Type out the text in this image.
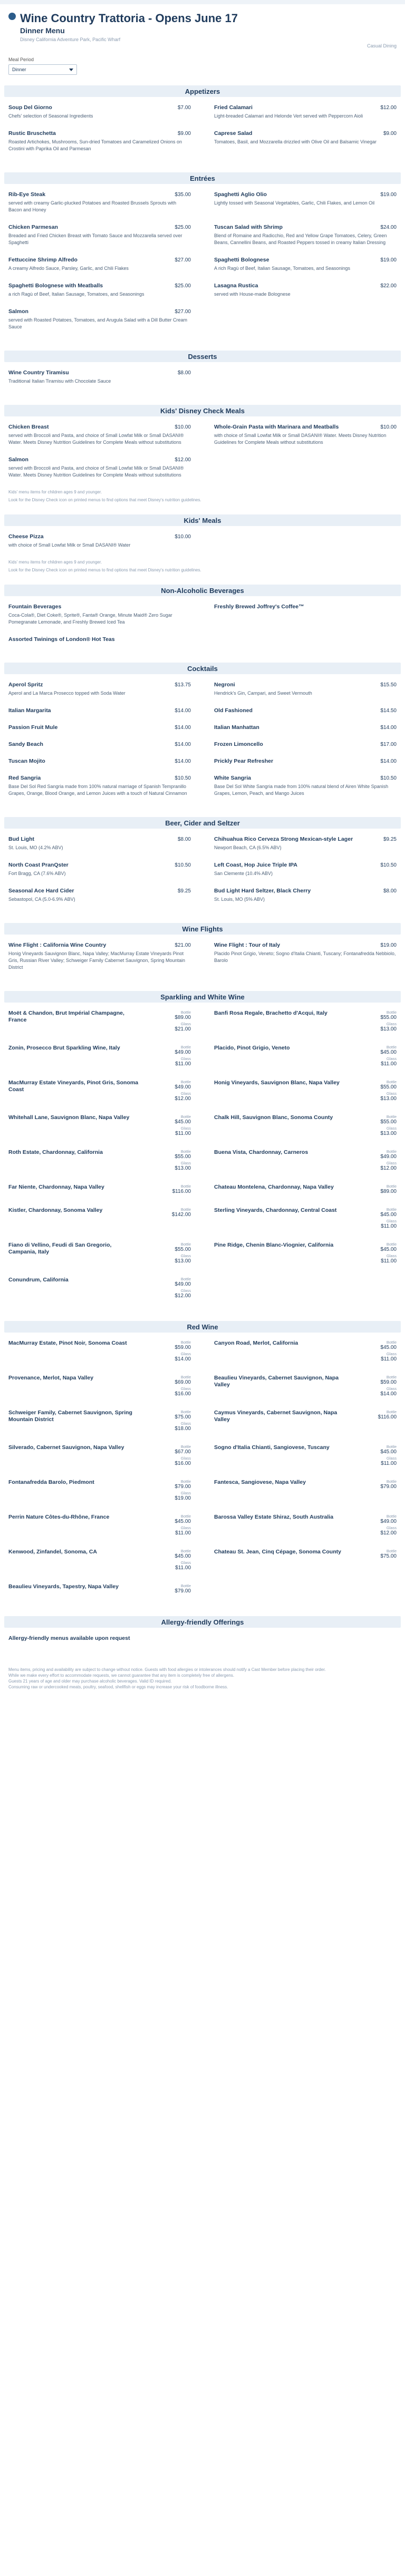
Wine Country Trattoria - Opens June 17
Dinner Menu
Disney California Adventure Park, Pacific Wharf
Casual Dining
Meal Period
Dinner
Appetizers
Soup Del Giorno	$7.00
Chefs' selection of Seasonal Ingredients
Fried Calamari	$12.00
Light-breaded Calamari and Helonde Vert served with Peppercorn Aioli
Rustic Bruschetta	$9.00
Roasted Artichokes, Mushrooms, Sun-dried Tomatoes and Caramelized Onions on Crostini with Paprika Oil and Parmesan
Caprese Salad	$9.00
Tomatoes, Basil, and Mozzarella drizzled with Olive Oil and Balsamic Vinegar
Entrées
Rib-Eye Steak	$35.00
served with creamy Garlic-plucked Potatoes and Roasted Brussels Sprouts with Bacon and Honey
Spaghetti Aglio Olio	$19.00
Lightly tossed with Seasonal Vegetables, Garlic, Chili Flakes, and Lemon Oil
Chicken Parmesan	$25.00
Breaded and Fried Chicken Breast with Tomato Sauce and Mozzarella served over Spaghetti
Tuscan Salad with Shrimp	$24.00
Blend of Romaine and Radicchio, Red and Yellow Grape Tomatoes, Celery, Green Beans, Cannellini Beans, and Roasted Peppers tossed in creamy Italian Dressing
Fettuccine Shrimp Alfredo	$27.00
A creamy Alfredo Sauce, Parsley, Garlic, and Chili Flakes
Spaghetti Bolognese	$19.00
A rich Ragù of Beef, Italian Sausage, Tomatoes, and Seasonings
Spaghetti Bolognese with Meatballs	$25.00
a rich Ragù of Beef, Italian Sausage, Tomatoes, and Seasonings
Lasagna Rustica	$22.00
served with House-made Bolognese
Salmon	$27.00
served with Roasted Potatoes, Tomatoes, and Arugula Salad with a Dill Butter Cream Sauce
Desserts
Wine Country Tiramisu	$8.00
Traditional Italian Tiramisu with Chocolate Sauce
Kids' Disney Check Meals
Chicken Breast	$10.00
served with Broccoli and Pasta, and choice of Small Lowfat Milk or Small DASANI® Water. Meets Disney Nutrition Guidelines for Complete Meals without substitutions
Whole-Grain Pasta with Marinara and Meatballs	$10.00
with choice of Small Lowfat Milk or Small DASANI® Water. Meets Disney Nutrition Guidelines for Complete Meals without substitutions
Salmon	$12.00
served with Broccoli and Pasta, and choice of Small Lowfat Milk or Small DASANI® Water. Meets Disney Nutrition Guidelines for Complete Meals without substitutions
Kids' menu items for children ages 9 and younger.
Look for the Disney Check icon on printed menus to find options that meet Disney's nutrition guidelines.
Kids' Meals
Cheese Pizza	$10.00
with choice of Small Lowfat Milk or Small DASANI® Water
Kids' menu items for children ages 9 and younger.
Look for the Disney Check icon on printed menus to find options that meet Disney's nutrition guidelines.
Non-Alcoholic Beverages
Fountain Beverages
Coca-Cola®, Diet Coke®, Sprite®, Fanta® Orange, Minute Maid® Zero Sugar Pomegranate Lemonade, and Freshly Brewed Iced Tea
Freshly Brewed Joffrey's Coffee™
Assorted Twinings of London® Hot Teas
Cocktails
Aperol Spritz	$13.75
Aperol and La Marca Prosecco topped with Soda Water
Negroni	$15.50
Hendrick's Gin, Campari, and Sweet Vermouth
Italian Margarita	$14.00	Old Fashioned	$14.50
Passion Fruit Mule	$14.00	Italian Manhattan	$14.00
Sandy Beach	$14.00	Frozen Limoncello	$17.00
Tuscan Mojito	$14.00	Prickly Pear Refresher	$14.00
Red Sangria	$10.50
Base Del Sol Red Sangria made from 100% natural marriage of Spanish Tempranillo Grapes, Orange, Blood Orange, and Lemon Juices with a touch of Natural Cinnamon
White Sangria	$10.50
Base Del Sol White Sangria made from 100% natural blend of Airen White Spanish Grapes, Lemon, Peach, and Mango Juices
Beer, Cider and Seltzer
Bud Light	$8.00
St. Louis, MO (4.2% ABV)
Chihuahua Rico Cerveza Strong Mexican-style Lager	$9.25
Newport Beach, CA (6.5% ABV)
North Coast PranQster	$10.50
Fort Bragg, CA (7.6% ABV)
Left Coast, Hop Juice Triple IPA	$10.50
San Clemente (10.4% ABV)
Seasonal Ace Hard Cider	$9.25
Sebastopol, CA (5.0-6.9% ABV)
Bud Light Hard Seltzer, Black Cherry	$8.00
St. Louis, MO (5% ABV)
Wine Flights
Wine Flight : California Wine Country	$21.00
Honig Vineyards Sauvignon Blanc, Napa Valley; MacMurray Estate Vineyards Pinot Gris, Russian River Valley; Schweiger Family Cabernet Sauvignon, Spring Mountain District
Wine Flight : Tour of Italy	$19.00
Placido Pinot Grigio, Veneto; Sogno d'Italia Chianti, Tuscany; Fontanafredda Nebbiolo, Barolo
Sparkling and White Wine
Moët & Chandon, Brut Impérial Champagne, France
Bottle
$89.00
Glass
$21.00
Banfi Rosa Regale, Brachetto d'Acqui, Italy	Bottle
$55.00
Glass
$13.00
Zonin, Prosecco Brut Sparkling Wine, Italy	Bottle
$49.00
Glass
$11.00
Placido, Pinot Grigio, Veneto	Bottle
$45.00
Glass
$11.00
MacMurray Estate Vineyards, Pinot Gris, Sonoma Coast
Bottle
$49.00
Glass
$12.00
Honig Vineyards, Sauvignon Blanc, Napa Valley	Bottle
$55.00
Glass
$13.00
Whitehall Lane, Sauvignon Blanc, Napa Valley	Bottle
$45.00
Glass
$11.00
Chalk Hill, Sauvignon Blanc, Sonoma County	Bottle
$55.00
Glass
$13.00
Roth Estate, Chardonnay, California	Bottle
$55.00
Glass
$13.00
Buena Vista, Chardonnay, Carneros	Bottle
$49.00
Glass
$12.00
Far Niente, Chardonnay, Napa Valley	Bottle
$116.00
Chateau Montelena, Chardonnay, Napa Valley	Bottle
$89.00
Kistler, Chardonnay, Sonoma Valley	Bottle
$142.00
Sterling Vineyards, Chardonnay, Central Coast	Bottle
$45.00
Glass
$11.00
Fiano di Vellino, Feudi di San Gregorio, Campania, Italy
Bottle
$55.00
Glass
$13.00
Pine Ridge, Chenin Blanc-Viognier, California	Bottle
$45.00
Glass
$11.00
Conundrum, California	Bottle
$49.00
Glass
$12.00
Red Wine
MacMurray Estate, Pinot Noir, Sonoma Coast	Bottle
$59.00
Glass
$14.00
Canyon Road, Merlot, California	Bottle
$45.00
Glass
$11.00
Provenance, Merlot, Napa Valley	Bottle
$69.00
Glass
$16.00
Beaulieu Vineyards, Cabernet Sauvignon, Napa Valley
Bottle
$59.00
Glass
$14.00
Schweiger Family, Cabernet Sauvignon, Spring Mountain District
Bottle
$75.00
Glass
$18.00
Caymus Vineyards, Cabernet Sauvignon, Napa Valley
Bottle
$116.00
Silverado, Cabernet Sauvignon, Napa Valley	Bottle
$67.00
Glass
$16.00
Sogno d'Italia Chianti, Sangiovese, Tuscany	Bottle
$45.00
Glass
$11.00
Fontanafredda Barolo, Piedmont	Bottle
$79.00
Glass
$19.00
Fantesca, Sangiovese, Napa Valley	Bottle
$79.00
Perrin Nature Côtes-du-Rhône, France	Bottle
$45.00
Glass
$11.00
Barossa Valley Estate Shiraz, South Australia	Bottle
$49.00
Glass
$12.00
Kenwood, Zinfandel, Sonoma, CA	Bottle
$45.00
Glass
$11.00
Chateau St. Jean, Cinq Cépage, Sonoma County	Bottle
$75.00
Beaulieu Vineyards, Tapestry, Napa Valley	Bottle
$79.00
Allergy-friendly Offerings
Allergy-friendly menus available upon request
Menu items, pricing and availability are subject to change without notice. Guests with food allergies or intolerances should notify a Cast Member before placing their order.
While we make every effort to accommodate requests, we cannot guarantee that any item is completely free of allergens.
Guests 21 years of age and older may purchase alcoholic beverages. Valid ID required.
Consuming raw or undercooked meats, poultry, seafood, shellfish or eggs may increase your risk of foodborne illness.
